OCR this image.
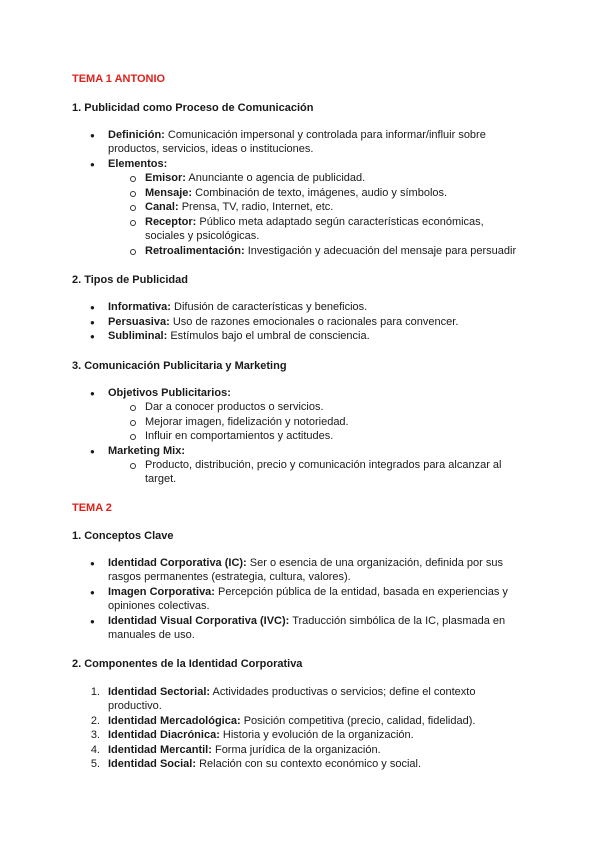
TEMA 1 ANTONIO

1. Publicidad como Proceso de Comunicación

● Definición: Comunicación impersonal y controlada para informar/influir sobre

productos, servicios, ideas o instituciones.

● Elementos:

Emisor: Anunciante o agencia de publicidad.

Mensaje: Combinación de texto, imágenes, audio y símbolos.

Canal: Prensa, TV, radio, Internet, etc.

Receptor: Público meta adaptado según características económicas,

sociales y psicológicas.

Retroalimentación: Investigación y adecuación del mensaje para persuadir

2. Tipos de Publicidad

● Informativa: Difusión de características y beneficios.

● Persuasiva: Uso de razones emocionales o racionales para convencer.

● Subliminal: Estímulos bajo el umbral de consciencia.

3. Comunicación Publicitaria y Marketing

● Objetivos Publicitarios:

Dar a conocer productos o servicios.

Mejorar imagen, fidelización y notoriedad.

Influir en comportamientos y actitudes.

● Marketing Mix:

Producto, distribución, precio y comunicación integrados para alcanzar al

target.

TEMA 2

1. Conceptos Clave

● Identidad Corporativa (IC): Ser o esencia de una organización, definida por sus

rasgos permanentes (estrategia, cultura, valores).

● Imagen Corporativa: Percepción pública de la entidad, basada en experiencias y

opiniones colectivas.

● Identidad Visual Corporativa (IVC): Traducción simbólica de la IC, plasmada en

manuales de uso.

2. Componentes de la Identidad Corporativa

1. Identidad Sectorial: Actividades productivas o servicios; define el contexto

productivo.

2. Identidad Mercadológica: Posición competitiva (precio, calidad, fidelidad).

3. Identidad Diacrónica: Historia y evolución de la organización.

4. Identidad Mercantil: Forma jurídica de la organización.

5. Identidad Social: Relación con su contexto económico y social.
